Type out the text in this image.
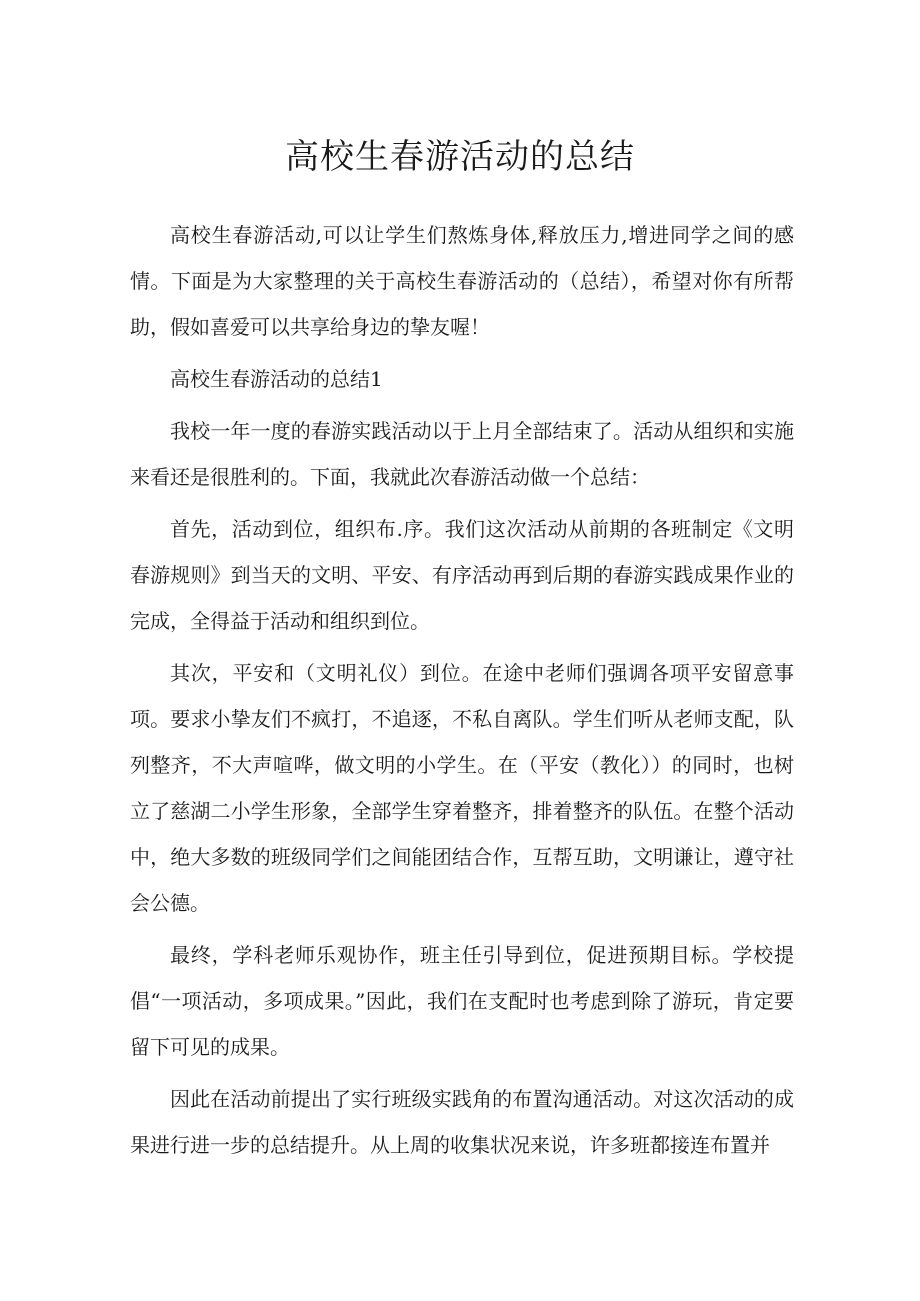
高校生春游活动的总结

高校生春游活动,可以让学生们熬炼身体,释放压力,增进同学之间的感情。下面是为大家整理的关于高校生春游活动的（总结），希望对你有所帮助，假如喜爱可以共享给身边的挚友喔！

高校生春游活动的总结1

我校一年一度的春游实践活动以于上月全部结束了。活动从组织和实施来看还是很胜利的。下面，我就此次春游活动做一个总结：

首先，活动到位，组织布.序。我们这次活动从前期的各班制定《文明春游规则》到当天的文明、平安、有序活动再到后期的春游实践成果作业的完成，全得益于活动和组织到位。

其次，平安和（文明礼仪）到位。在途中老师们强调各项平安留意事项。要求小挚友们不疯打，不追逐，不私自离队。学生们听从老师支配，队列整齐，不大声喧哗，做文明的小学生。在（平安（教化））的同时，也树立了慈湖二小学生形象，全部学生穿着整齐，排着整齐的队伍。在整个活动中，绝大多数的班级同学们之间能团结合作，互帮互助，文明谦让，遵守社会公德。

最终，学科老师乐观协作，班主任引导到位，促进预期目标。学校提倡“一项活动，多项成果。”因此，我们在支配时也考虑到除了游玩，肯定要留下可见的成果。

因此在活动前提出了实行班级实践角的布置沟通活动。对这次活动的成果进行进一步的总结提升。从上周的收集状况来说，许多班都接连布置并
